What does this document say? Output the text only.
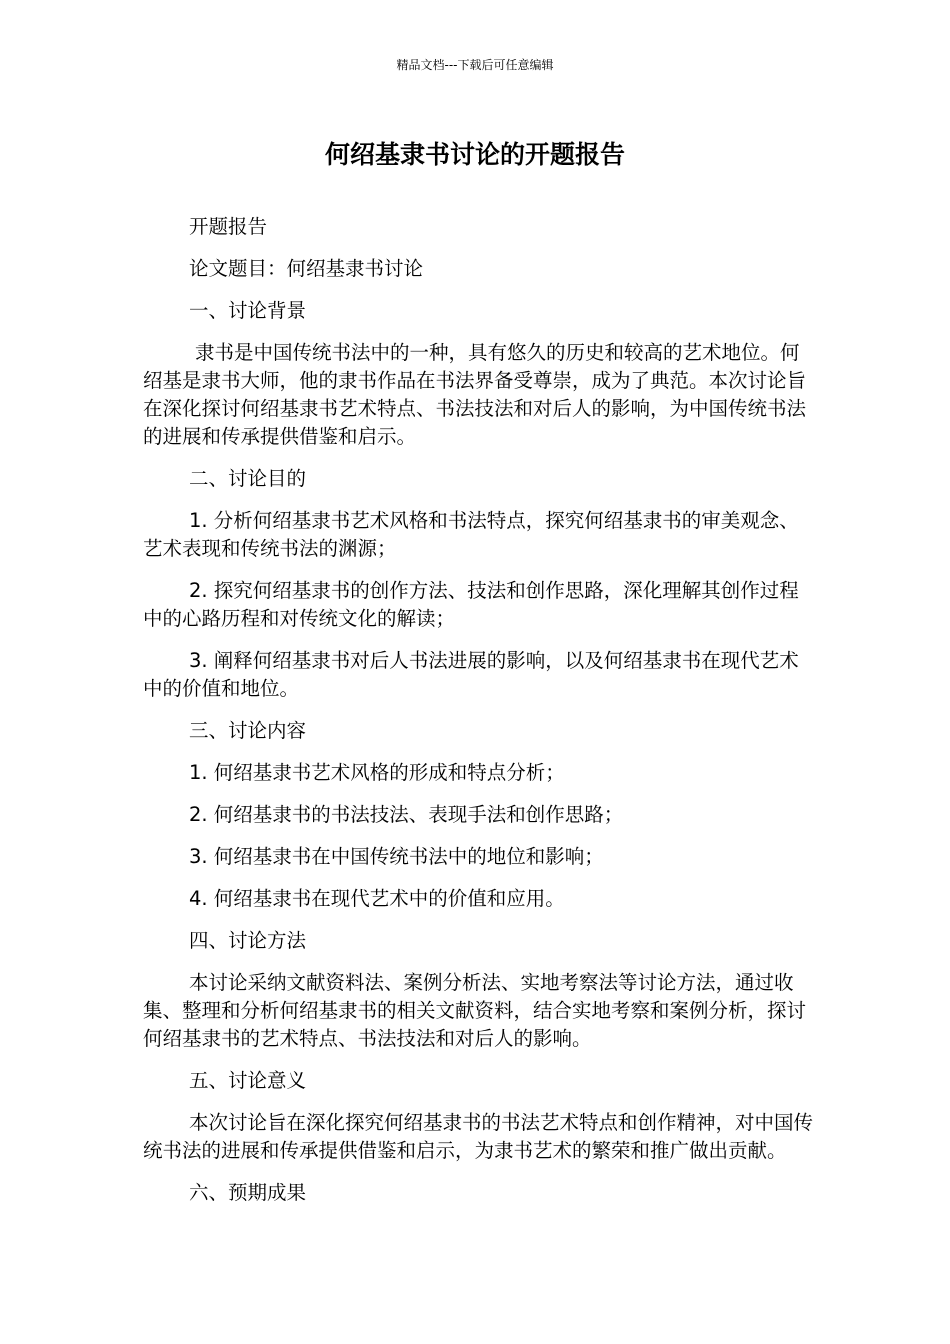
精品文档---下载后可任意编辑
何绍基隶书讨论的开题报告

开题报告

论文题目：何绍基隶书讨论

一、讨论背景

隶书是中国传统书法中的一种，具有悠久的历史和较高的艺术地位。何绍基是隶书大师，他的隶书作品在书法界备受尊崇，成为了典范。本次讨论旨在深化探讨何绍基隶书艺术特点、书法技法和对后人的影响，为中国传统书法的进展和传承提供借鉴和启示。

二、讨论目的

1. 分析何绍基隶书艺术风格和书法特点，探究何绍基隶书的审美观念、艺术表现和传统书法的渊源；

2. 探究何绍基隶书的创作方法、技法和创作思路，深化理解其创作过程中的心路历程和对传统文化的解读；

3. 阐释何绍基隶书对后人书法进展的影响，以及何绍基隶书在现代艺术中的价值和地位。

三、讨论内容

1. 何绍基隶书艺术风格的形成和特点分析；

2. 何绍基隶书的书法技法、表现手法和创作思路；

3. 何绍基隶书在中国传统书法中的地位和影响；

4. 何绍基隶书在现代艺术中的价值和应用。

四、讨论方法

本讨论采纳文献资料法、案例分析法、实地考察法等讨论方法，通过收集、整理和分析何绍基隶书的相关文献资料，结合实地考察和案例分析，探讨何绍基隶书的艺术特点、书法技法和对后人的影响。

五、讨论意义

本次讨论旨在深化探究何绍基隶书的书法艺术特点和创作精神，对中国传统书法的进展和传承提供借鉴和启示，为隶书艺术的繁荣和推广做出贡献。

六、预期成果
